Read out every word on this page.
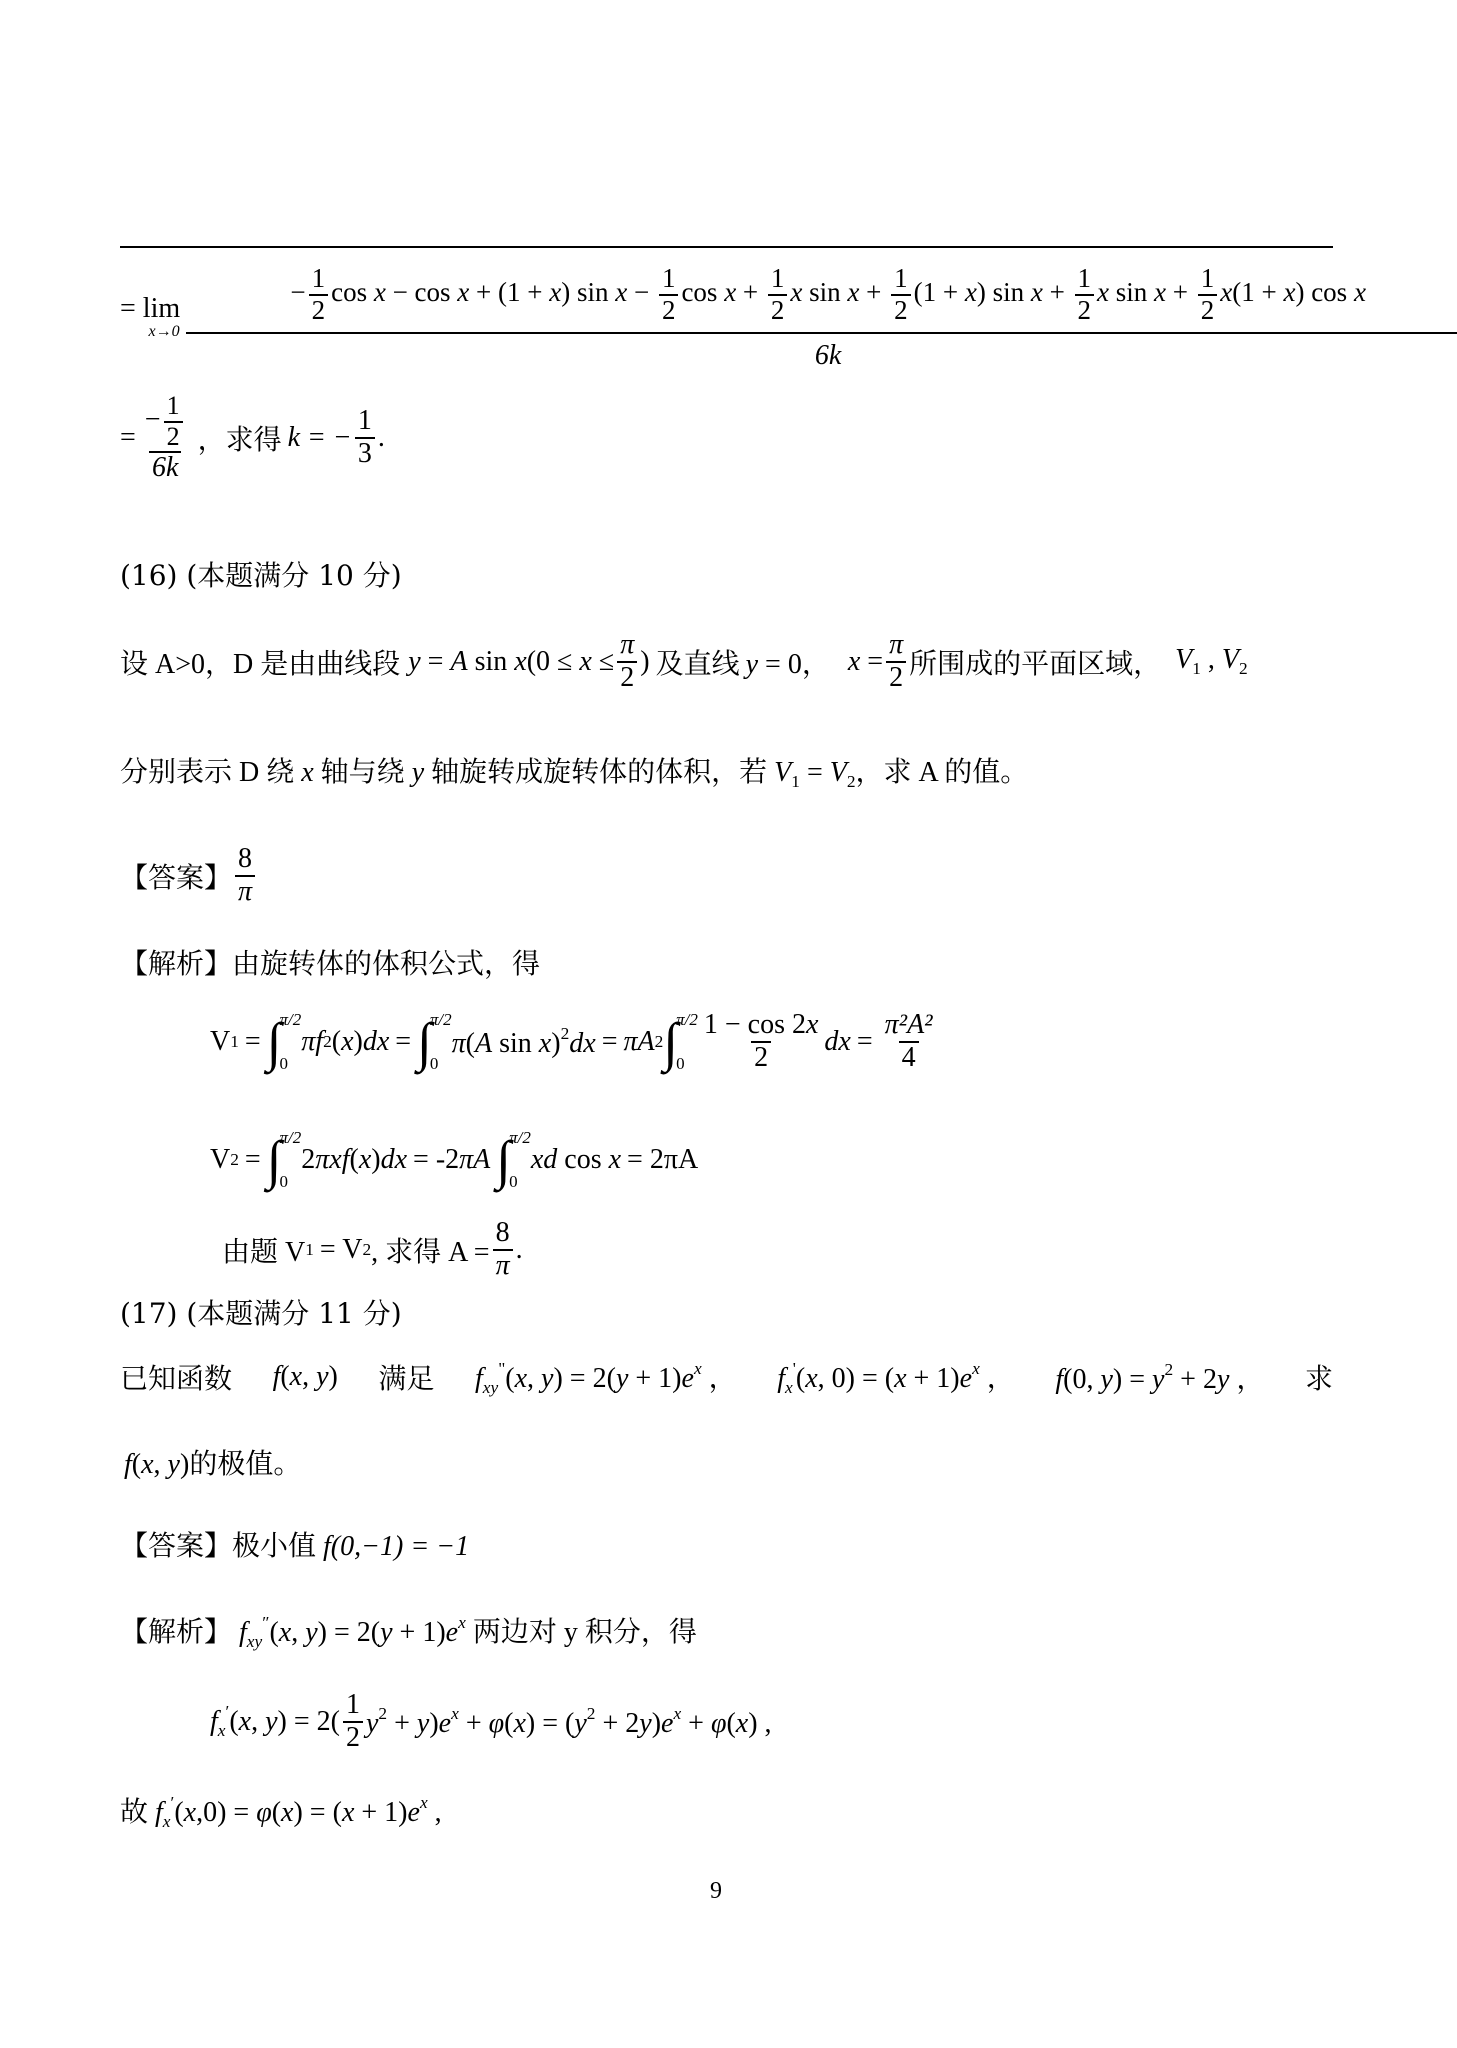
= lim
x→0
− $\frac{1}{2}$ cos x − cos x + (1 + x) $\sin x - \frac{1}{2}$ $\cos x + \frac{1}{2}$ x $\sin x + \frac{1}{2} (1 + x)$ $\sin x + \frac{1}{2}$ x $\sin x + \frac{1}{2} x(1 + x)$ cos x
6k
= $\frac{- \frac{1}{2}}{6k}$ ，求得 k = − $\frac{1}{3}$ .
(16) (本题满分 10 分)
设 A>0，D 是由曲线段 y = A $\sin x(0 \le x \le \frac{\pi}{2}$ ) 及直线 y = 0， $x = \frac{\pi}{2}$ 所围成的平面区域， $V_1$ , $V_2$
分别表示 D 绕 x 轴与绕 y 轴旋转成旋转体的体积，若 $V_1 = V_2$，求 A 的值。
【答案】 $\frac{8}{\pi}$
【解析】由旋转体的体积公式，得
V 1 = ∫
π/2
0
πf 2 (x)dx = ∫
π/2
0
π(A sin x)$^2$dx = πA 2 ∫
π/2
$0 \frac{1 - \cos 2x}{2}$ dx = $\frac{\text{π²A²}}{4}$
V 2 = ∫
π/2
0
2πxf(x)dx = -2πA ∫
π/2
0
xd cos x = 2πA
由题 V 1 = V 2 , 求得 $A = \frac{8}{\pi}$ .
(17) (本题满分 11 分)
已知函数 f(x, y) 满足 $f_{xy}^"(x$, $y) = 2(y + 1)e^x$ ， $f_x'(x$, $0) = (x + 1)e^x$ ， f(0, $y) = y^2 + 2y$ ， 求
f(x, y)的极值。
【答案】极小值 f(0,−1) = −1
【解析】 $f_{xy}''(x$, $y) = 2(y + 1)e^x$ 两边对 y 积分，得
$f_x'(x$, $y) = 2( \frac{1}{2} y^2 + y)e^x + \varphi(x) = (y^2 + 2y)e^x + \varphi(x)$ ,
故 $f_x'(x,0) = \varphi(x) = (x + 1)e^x$ ,
9
